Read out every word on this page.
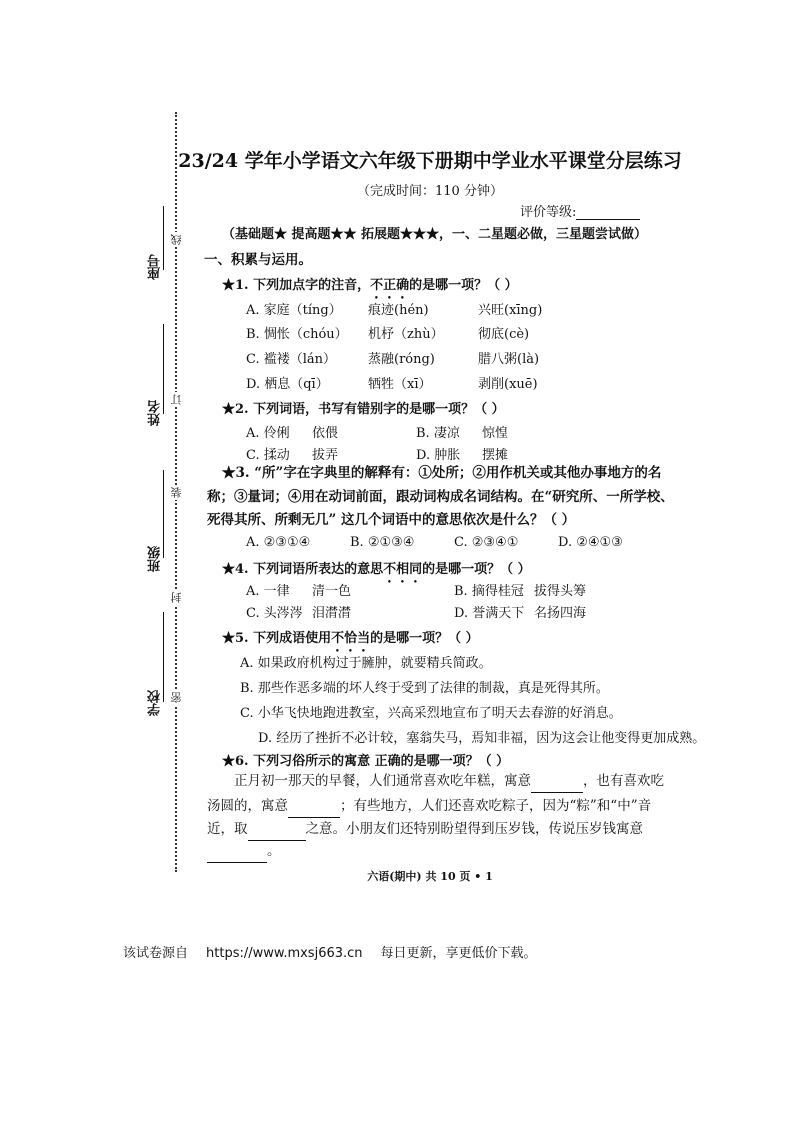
座号
姓名
班级
学校
线
订
装
封
密
23/24 学年小学语文六年级下册期中学业水平课堂分层练习
（完成时间：110 分钟）
评价等级:
（基础题★ 提高题★★ 拓展题★★★，一、二星题必做，三星题尝试做）
一、积累与运用。
★1. 下列加点字的注音，不正确的是哪一项？（ ）
A. 家庭（tíng） 痕迹(hén)	兴旺(xīng)
B. 惆怅（chóu） 机杼（zhù）	彻底(cè)
C. 褴褛（lán） 蒸融(róng)	腊八粥(là)
D. 栖息（qī）	牺牲（xī）	剥削(xuē)
★2. 下列词语，书写有错别字的是哪一项？（ ）
A. 伶俐 依偎	B. 凄凉 惊惶
C. 揉动 拔弄	D. 肿胀 摆摊
★3. “所”字在字典里的解释有：①处所；②用作机关或其他办事地方的名
称；③量词；④用在动词前面，跟动词构成名词结构。在“研究所、一所学校、
死得其所、所剩无几” 这几个词语中的意思依次是什么？（ ）
A. ②③①④	B. ②①③④	C. ②③④①	D. ②④①③
★4. 下列词语所表达的意思不相同的是哪一项？（ ）
A. 一律 清一色	B. 摘得桂冠 拔得头筹
C. 头涔涔 泪潸潸	D. 誉满天下 名扬四海
★5. 下列成语使用不恰当的是哪一项？（ ）
A. 如果政府机构过于臃肿，就要精兵简政。
B. 那些作恶多端的坏人终于受到了法律的制裁，真是死得其所。
C. 小华飞快地跑进教室，兴高采烈地宣布了明天去春游的好消息。
D. 经历了挫折不必计较，塞翁失马，焉知非福，因为这会让他变得更加成熟。
★6. 下列习俗所示的寓意 正确的是哪一项？（ ）
正月初一那天的早餐，人们通常喜欢吃年糕，寓意	，也有喜欢吃
汤圆的，寓意	；有些地方，人们还喜欢吃粽子，因为“粽”和“中”音
近，取	之意。小朋友们还特别盼望得到压岁钱，传说压岁钱寓意
。
六语(期中) 共 10 页 • 1
该试卷源自 https://www.mxsj663.cn 每日更新，享更低价下载。
